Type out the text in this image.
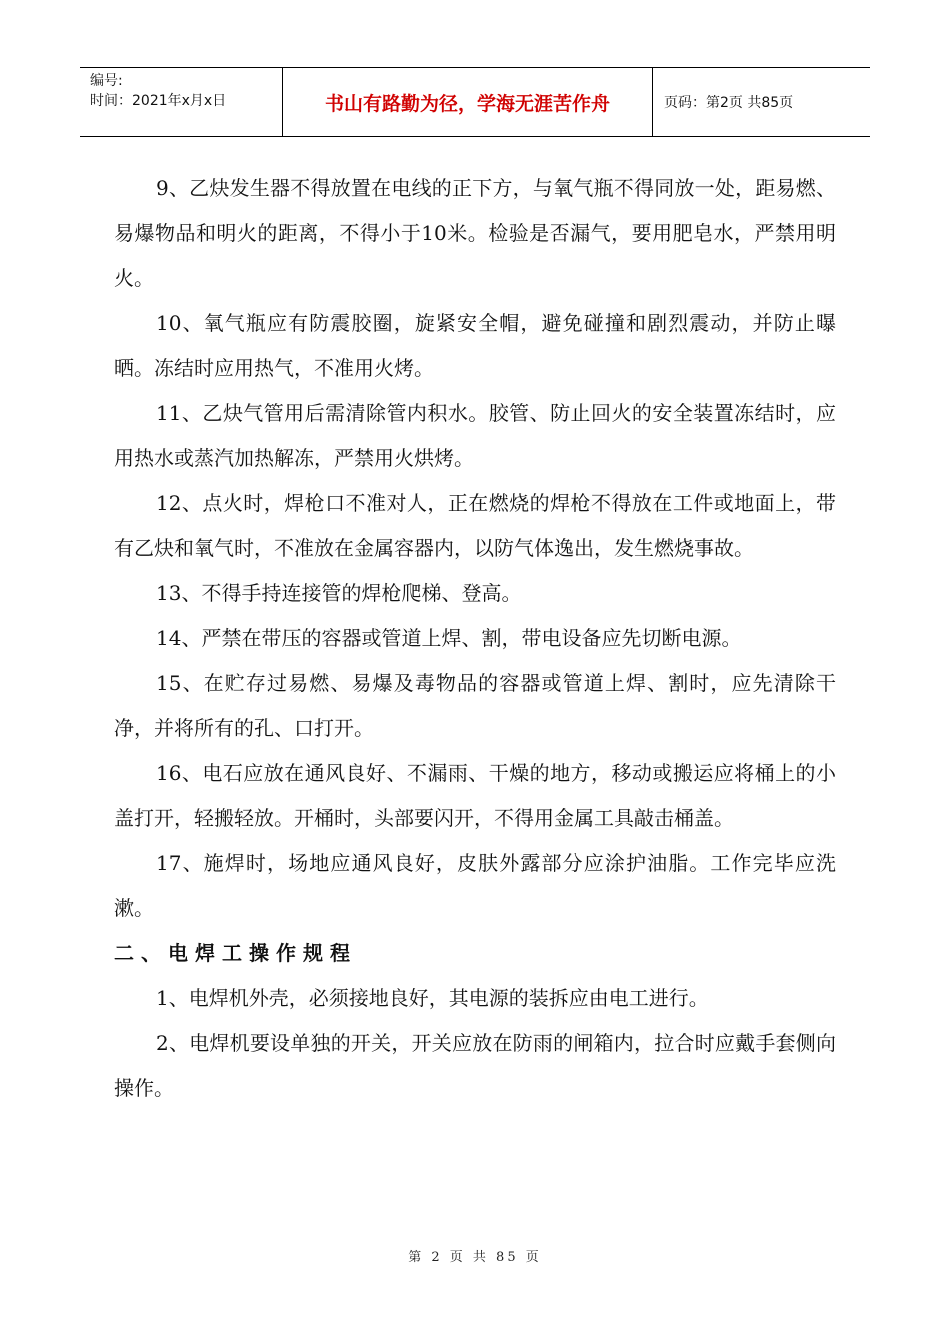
编号:
时间：2021年x月x日	书山有路勤为径，学海无涯苦作舟	页码：第2页 共85页

9、乙炔发生器不得放置在电线的正下方，与氧气瓶不得同放一处，距易燃、易爆物品和明火的距离，不得小于10米。检验是否漏气，要用肥皂水，严禁用明火。

10、氧气瓶应有防震胶圈，旋紧安全帽，避免碰撞和剧烈震动，并防止曝晒。冻结时应用热气，不准用火烤。

11、乙炔气管用后需清除管内积水。胶管、防止回火的安全装置冻结时，应用热水或蒸汽加热解冻，严禁用火烘烤。

12、点火时，焊枪口不准对人，正在燃烧的焊枪不得放在工件或地面上，带有乙炔和氧气时，不准放在金属容器内，以防气体逸出，发生燃烧事故。

13、不得手持连接管的焊枪爬梯、登高。

14、严禁在带压的容器或管道上焊、割，带电设备应先切断电源。

15、在贮存过易燃、易爆及毒物品的容器或管道上焊、割时，应先清除干净，并将所有的孔、口打开。

16、电石应放在通风良好、不漏雨、干燥的地方，移动或搬运应将桶上的小盖打开，轻搬轻放。开桶时，头部要闪开，不得用金属工具敲击桶盖。

17、施焊时，场地应通风良好，皮肤外露部分应涂护油脂。工作完毕应洗漱。

二、电焊工操作规程

1、电焊机外壳，必须接地良好，其电源的装拆应由电工进行。

2、电焊机要设单独的开关，开关应放在防雨的闸箱内，拉合时应戴手套侧向操作。

第 2 页 共 85 页
